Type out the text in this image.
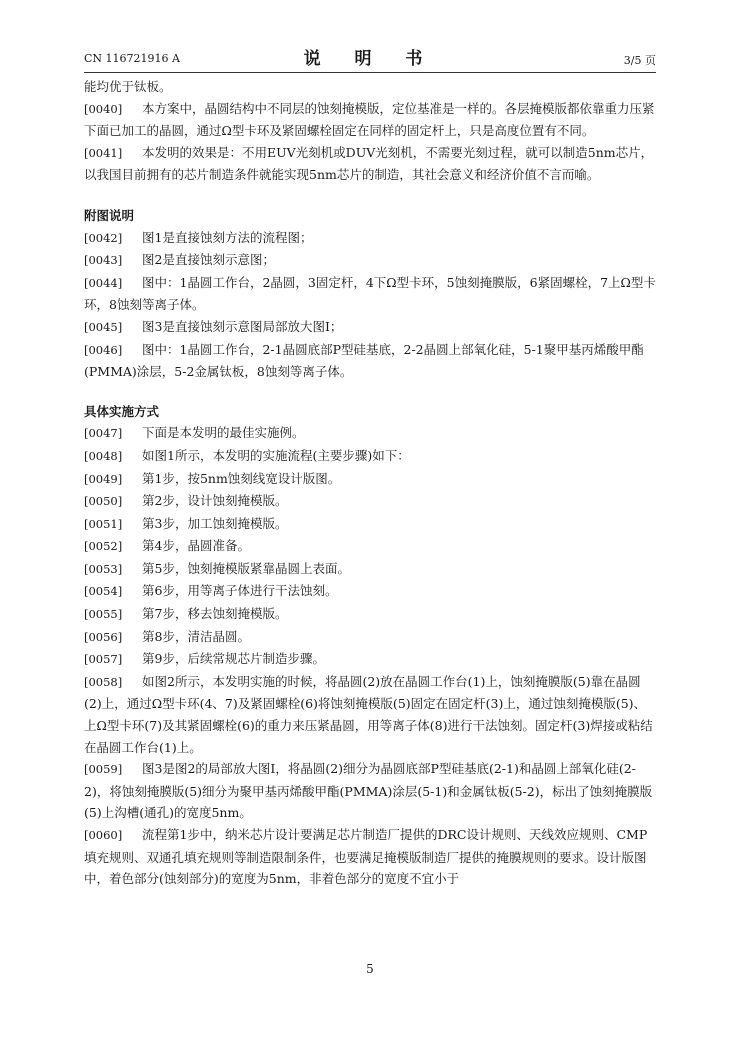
CN 116721916 A	说 明 书	3/5 页

能均优于钛板。

[0040] 本方案中，晶圆结构中不同层的蚀刻掩模版，定位基准是一样的。各层掩模版都依靠重力压紧下面已加工的晶圆，通过Ω型卡环及紧固螺栓固定在同样的固定杆上，只是高度位置有不同。

[0041] 本发明的效果是：不用EUV光刻机或DUV光刻机，不需要光刻过程，就可以制造5nm芯片，以我国目前拥有的芯片制造条件就能实现5nm芯片的制造，其社会意义和经济价值不言而喻。

附图说明

[0042] 图1是直接蚀刻方法的流程图；

[0043] 图2是直接蚀刻示意图；

[0044] 图中：1晶圆工作台，2晶圆，3固定杆，4下Ω型卡环，5蚀刻掩膜版，6紧固螺栓，7上Ω型卡环，8蚀刻等离子体。

[0045] 图3是直接蚀刻示意图局部放大图I；

[0046] 图中：1晶圆工作台，2-1晶圆底部P型硅基底，2-2晶圆上部氧化硅，5-1聚甲基丙烯酸甲酯(PMMA)涂层，5-2金属钛板，8蚀刻等离子体。

具体实施方式

[0047] 下面是本发明的最佳实施例。

[0048] 如图1所示，本发明的实施流程(主要步骤)如下：

[0049] 第1步，按5nm蚀刻线宽设计版图。

[0050] 第2步，设计蚀刻掩模版。

[0051] 第3步，加工蚀刻掩模版。

[0052] 第4步，晶圆准备。

[0053] 第5步，蚀刻掩模版紧靠晶圆上表面。

[0054] 第6步，用等离子体进行干法蚀刻。

[0055] 第7步，移去蚀刻掩模版。

[0056] 第8步，清洁晶圆。

[0057] 第9步，后续常规芯片制造步骤。

[0058] 如图2所示，本发明实施的时候，将晶圆(2)放在晶圆工作台(1)上，蚀刻掩膜版(5)靠在晶圆(2)上，通过Ω型卡环(4、7)及紧固螺栓(6)将蚀刻掩模版(5)固定在固定杆(3)上，通过蚀刻掩模版(5)、上Ω型卡环(7)及其紧固螺栓(6)的重力来压紧晶圆，用等离子体(8)进行干法蚀刻。固定杆(3)焊接或粘结在晶圆工作台(1)上。

[0059] 图3是图2的局部放大图I，将晶圆(2)细分为晶圆底部P型硅基底(2-1)和晶圆上部氧化硅(2-2)，将蚀刻掩膜版(5)细分为聚甲基丙烯酸甲酯(PMMA)涂层(5-1)和金属钛板(5-2)，标出了蚀刻掩膜版(5)上沟槽(通孔)的宽度5nm。

[0060] 流程第1步中，纳米芯片设计要满足芯片制造厂提供的DRC设计规则、天线效应规则、CMP填充规则、双通孔填充规则等制造限制条件，也要满足掩模版制造厂提供的掩膜规则的要求。设计版图中，着色部分(蚀刻部分)的宽度为5nm，非着色部分的宽度不宜小于

5
